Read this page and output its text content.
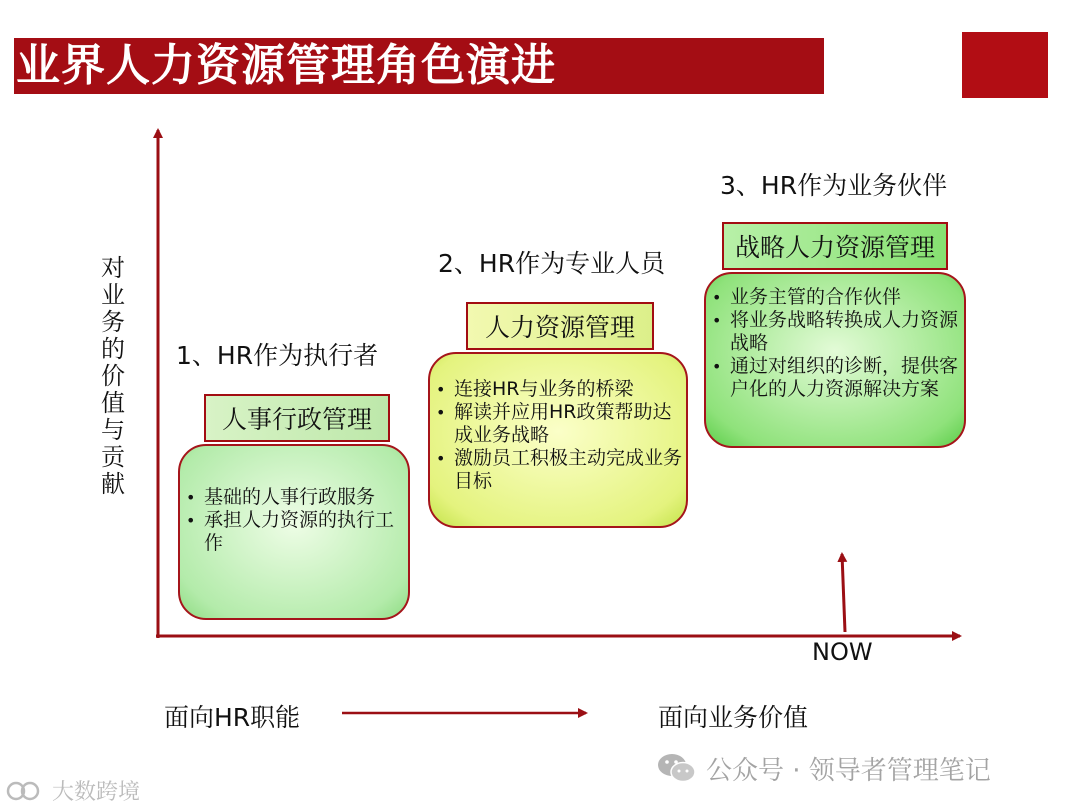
业界人力资源管理角色演进
对业务的价值与贡献
1、HR作为执行者
人事行政管理
• 基础的人事行政服务
• 承担人力资源的执行工作
2、HR作为专业人员
人力资源管理
• 连接HR与业务的桥梁
• 解读并应用HR政策帮助达成业务战略
• 激励员工积极主动完成业务目标
3、HR作为业务伙伴
战略人力资源管理
• 业务主管的合作伙伴
• 将业务战略转换成人力资源战略
• 通过对组织的诊断，提供客户化的人力资源解决方案
NOW
面向HR职能	面向业务价值
公众号 · 领导者管理笔记
大数跨境
